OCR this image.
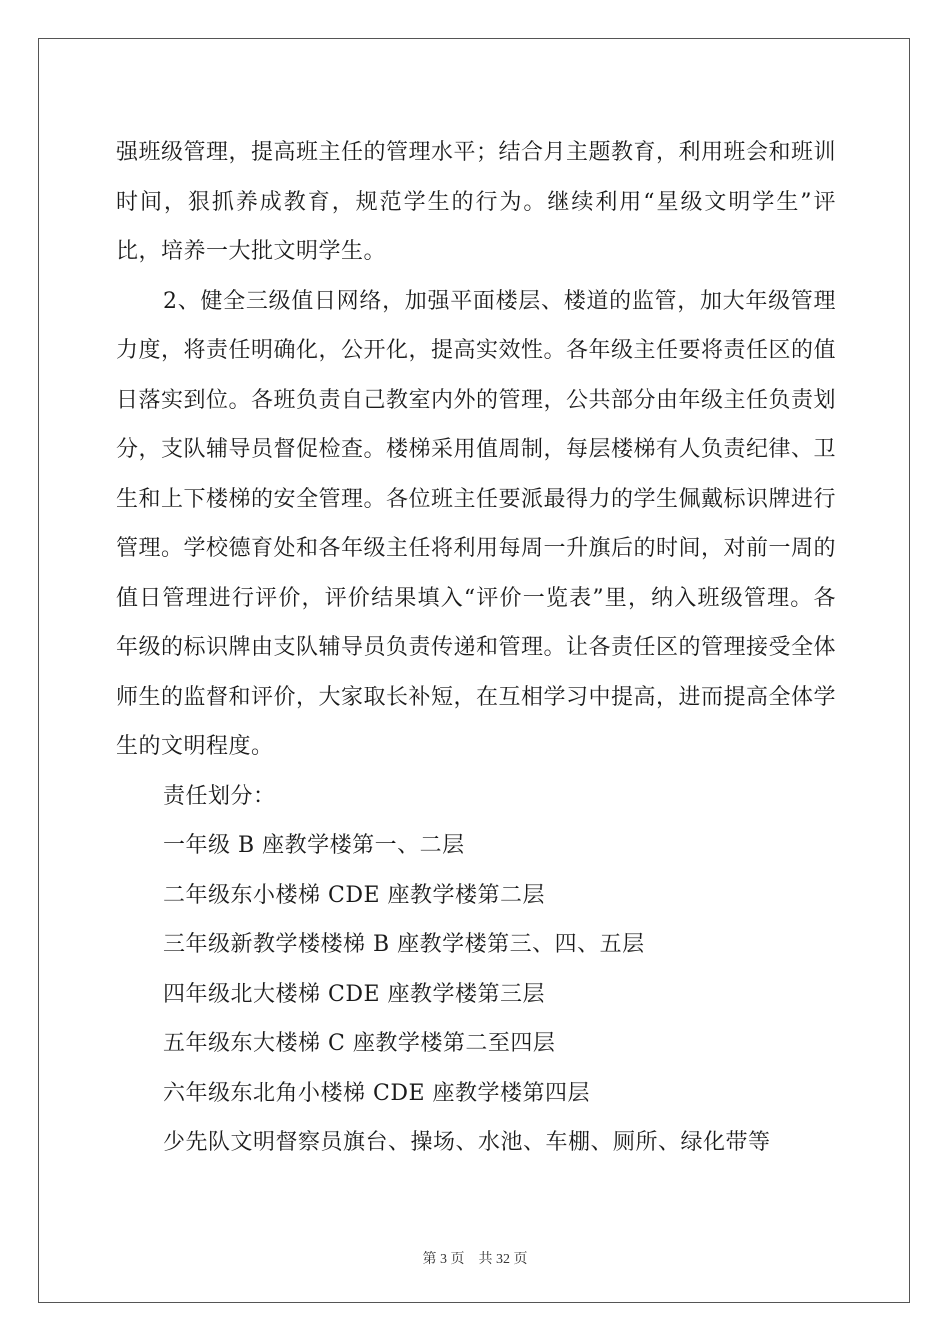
强班级管理，提高班主任的管理水平；结合月主题教育，利用班会和班训时间，狠抓养成教育，规范学生的行为。继续利用“星级文明学生”评比，培养一大批文明学生。

2、健全三级值日网络，加强平面楼层、楼道的监管，加大年级管理力度，将责任明确化，公开化，提高实效性。各年级主任要将责任区的值日落实到位。各班负责自己教室内外的管理，公共部分由年级主任负责划分，支队辅导员督促检查。楼梯采用值周制，每层楼梯有人负责纪律、卫生和上下楼梯的安全管理。各位班主任要派最得力的学生佩戴标识牌进行管理。学校德育处和各年级主任将利用每周一升旗后的时间，对前一周的值日管理进行评价，评价结果填入“评价一览表”里，纳入班级管理。各年级的标识牌由支队辅导员负责传递和管理。让各责任区的管理接受全体师生的监督和评价，大家取长补短，在互相学习中提高，进而提高全体学生的文明程度。

责任划分：

一年级 B 座教学楼第一、二层
二年级东小楼梯 CDE 座教学楼第二层
三年级新教学楼楼梯 B 座教学楼第三、四、五层
四年级北大楼梯 CDE 座教学楼第三层
五年级东大楼梯 C 座教学楼第二至四层
六年级东北角小楼梯 CDE 座教学楼第四层
少先队文明督察员旗台、操场、水池、车棚、厕所、绿化带等
第 3 页 共 32 页
